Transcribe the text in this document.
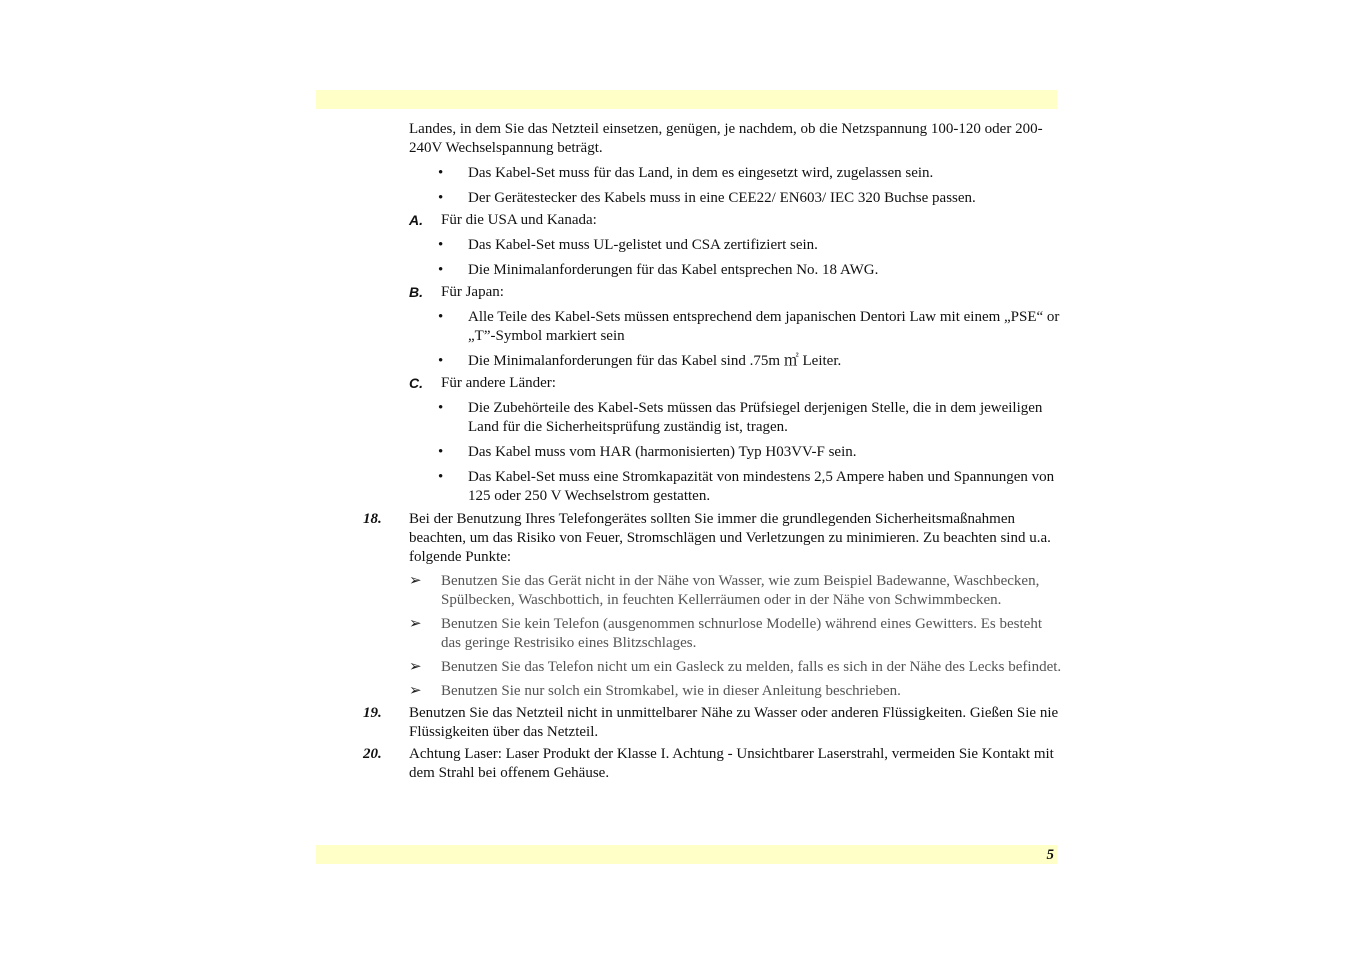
Landes, in dem Sie das Netzteil einsetzen, genügen, je nachdem, ob die Netzspannung 100-120 oder 200-240V Wechselspannung beträgt.
• Das Kabel-Set muss für das Land, in dem es eingesetzt wird, zugelassen sein.
• Der Gerätestecker des Kabels muss in eine CEE22/ EN603/ IEC 320 Buchse passen.
A. Für die USA und Kanada:
• Das Kabel-Set muss UL-gelistet und CSA zertifiziert sein.
• Die Minimalanforderungen für das Kabel entsprechen No. 18 AWG.
B. Für Japan:
• Alle Teile des Kabel-Sets müssen entsprechend dem japanischen Dentori Law mit einem „PSE“ or „T”-Symbol markiert sein
• Die Minimalanforderungen für das Kabel sind .75m ㎡ Leiter.
C. Für andere Länder:
• Die Zubehörteile des Kabel-Sets müssen das Prüfsiegel derjenigen Stelle, die in dem jeweiligen Land für die Sicherheitsprüfung zuständig ist, tragen.
• Das Kabel muss vom HAR (harmonisierten) Typ H03VV-F sein.
• Das Kabel-Set muss eine Stromkapazität von mindestens 2,5 Ampere haben und Spannungen von 125 oder 250 V Wechselstrom gestatten.
18. Bei der Benutzung Ihres Telefongerätes sollten Sie immer die grundlegenden Sicherheitsmaßnahmen beachten, um das Risiko von Feuer, Stromschlägen und Verletzungen zu minimieren. Zu beachten sind u.a. folgende Punkte:
➢ Benutzen Sie das Gerät nicht in der Nähe von Wasser, wie zum Beispiel Badewanne, Waschbecken, Spülbecken, Waschbottich, in feuchten Kellerräumen oder in der Nähe von Schwimmbecken.
➢ Benutzen Sie kein Telefon (ausgenommen schnurlose Modelle) während eines Gewitters. Es besteht das geringe Restrisiko eines Blitzschlages.
➢ Benutzen Sie das Telefon nicht um ein Gasleck zu melden, falls es sich in der Nähe des Lecks befindet.
➢ Benutzen Sie nur solch ein Stromkabel, wie in dieser Anleitung beschrieben.
19. Benutzen Sie das Netzteil nicht in unmittelbarer Nähe zu Wasser oder anderen Flüssigkeiten. Gießen Sie nie Flüssigkeiten über das Netzteil.
20. Achtung Laser: Laser Produkt der Klasse I. Achtung - Unsichtbarer Laserstrahl, vermeiden Sie Kontakt mit dem Strahl bei offenem Gehäuse.
5
